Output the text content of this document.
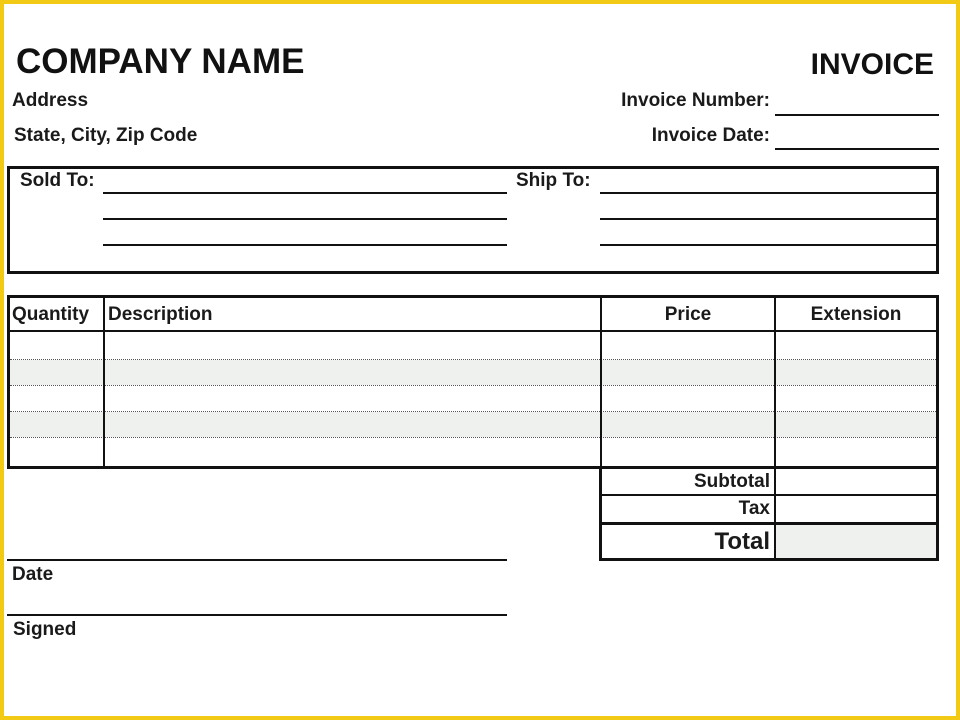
COMPANY NAME	INVOICE
Address
State, City, Zip Code
Invoice Number:
Invoice Date:
Sold To:	Ship To:
Quantity Description	Price	Extension
Subtotal
Tax
Total
Date
Signed
